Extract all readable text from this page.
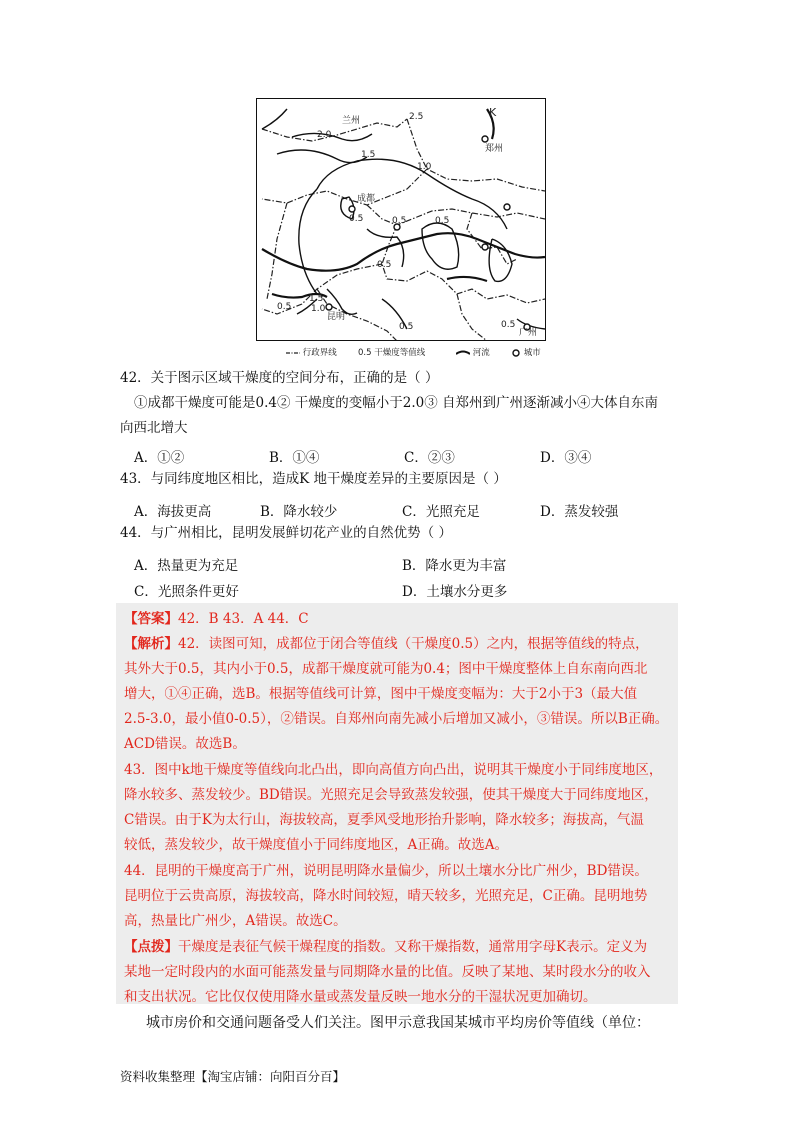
兰州
郑州
成都
昆明
广州
K
2.0
2.5
1.5
1.0
0.5	0.5	0.5
0.5
1.5
1.0
0.5
0.5	0.5
行政界线	0.5 干燥度等值线	河流	城市
42．关于图示区域干燥度的空间分布，正确的是（ ）
①成都干燥度可能是0.4② 干燥度的变幅小于2.0③ 自郑州到广州逐渐减小④大体自东南
向西北增大
A．①②	B．①④	C．②③	D．③④
43．与同纬度地区相比，造成K 地干燥度差异的主要原因是（ ）
A．海拔更高	B．降水较少	C．光照充足	D．蒸发较强
44．与广州相比，昆明发展鲜切花产业的自然优势（ ）
A．热量更为充足	B．降水更为丰富
C．光照条件更好	D．土壤水分更多
【答案】42．B 43．A 44．C
【解析】42．读图可知，成都位于闭合等值线（干燥度0.5）之内，根据等值线的特点，
其外大于0.5，其内小于0.5，成都干燥度就可能为0.4；图中干燥度整体上自东南向西北
增大，①④正确，选B。根据等值线可计算，图中干燥度变幅为：大于2小于3（最大值
2.5-3.0，最小值0-0.5），②错误。自郑州向南先减小后增加又减小，③错误。所以B正确。
ACD错误。故选B。
43．图中k地干燥度等值线向北凸出，即向高值方向凸出，说明其干燥度小于同纬度地区，
降水较多、蒸发较少。BD错误。光照充足会导致蒸发较强，使其干燥度大于同纬度地区，
C错误。由于K为太行山，海拔较高，夏季风受地形抬升影响，降水较多；海拔高，气温
较低，蒸发较少，故干燥度值小于同纬度地区，A正确。故选A。
44．昆明的干燥度高于广州，说明昆明降水量偏少，所以土壤水分比广州少，BD错误。
昆明位于云贵高原，海拔较高，降水时间较短，晴天较多，光照充足，C正确。昆明地势
高，热量比广州少，A错误。故选C。
【点拨】干燥度是表征气候干燥程度的指数。又称干燥指数，通常用字母K表示。定义为
某地一定时段内的水面可能蒸发量与同期降水量的比值。反映了某地、某时段水分的收入
和支出状况。它比仅仅使用降水量或蒸发量反映一地水分的干湿状况更加确切。
城市房价和交通问题备受人们关注。图甲示意我国某城市平均房价等值线（单位：
资料收集整理【淘宝店铺：向阳百分百】
